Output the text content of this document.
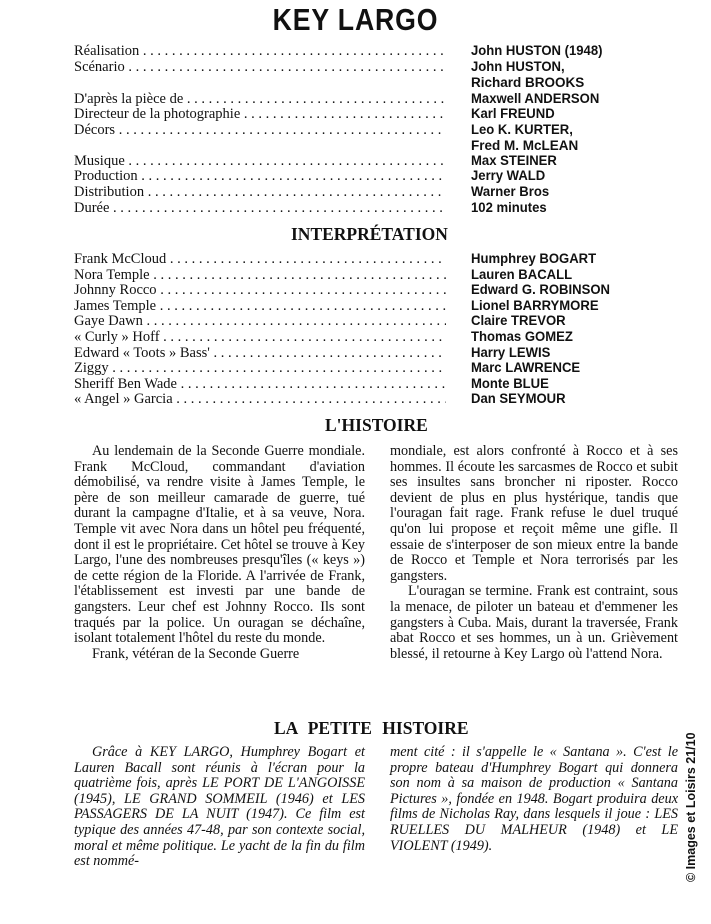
KEY LARGO
Réalisation . . .	John HUSTON (1948)
Scénario . . .	John HUSTON,
Richard BROOKS
D'après la pièce de . . .	Maxwell ANDERSON
Directeur de la photographie . . .	Karl FREUND
Décors . . .	Leo K. KURTER,
Fred M. McLEAN
Musique . . .	Max STEINER
Production . . .	Jerry WALD
Distribution . . .	Warner Bros
Durée . . .	102 minutes
INTERPRÉTATION
Frank McCloud . . .	Humphrey BOGART
Nora Temple . . .	Lauren BACALL
Johnny Rocco . . .	Edward G. ROBINSON
James Temple . . .	Lionel BARRYMORE
Gaye Dawn . . .	Claire TREVOR
« Curly » Hoff . . .	Thomas GOMEZ
Edward « Toots » Bass' . . .	Harry LEWIS
Ziggy . . .	Marc LAWRENCE
Sheriff Ben Wade . . .	Monte BLUE
« Angel » Garcia . . .	Dan SEYMOUR
L'HISTOIRE

Au lendemain de la Seconde Guerre mondiale. Frank McCloud, commandant d'aviation démobilisé, va rendre visite à James Temple, le père de son meilleur camarade de guerre, tué durant la campagne d'Italie, et à sa veuve, Nora. Temple vit avec Nora dans un hôtel peu fréquenté, dont il est le propriétaire. Cet hôtel se trouve à Key Largo, l'une des nombreuses presqu'îles (« keys ») de cette région de la Floride. A l'arrivée de Frank, l'établissement est investi par une bande de gangsters. Leur chef est Johnny Rocco. Ils sont traqués par la police. Un ouragan se déchaîne, isolant totalement l'hôtel du reste du monde.

Frank, vétéran de la Seconde Guerre

mondiale, est alors confronté à Rocco et à ses hommes. Il écoute les sarcasmes de Rocco et subit ses insultes sans broncher ni riposter. Rocco devient de plus en plus hystérique, tandis que l'ouragan fait rage. Frank refuse le duel truqué qu'on lui propose et reçoit même une gifle. Il essaie de s'interposer de son mieux entre la bande de Rocco et Temple et Nora terrorisés par les gangsters.

L'ouragan se termine. Frank est contraint, sous la menace, de piloter un bateau et d'emmener les gangsters à Cuba. Mais, durant la traversée, Frank abat Rocco et ses hommes, un à un. Grièvement blessé, il retourne à Key Largo où l'attend Nora.

LA PETITE HISTOIRE

Grâce à KEY LARGO, Humphrey Bogart et Lauren Bacall sont réunis à l'écran pour la quatrième fois, après LE PORT DE L'ANGOISSE (1945), LE GRAND SOMMEIL (1946) et LES PASSAGERS DE LA NUIT (1947). Ce film est typique des années 47-48, par son contexte social, moral et même politique. Le yacht de la fin du film est nommé-

ment cité : il s'appelle le « Santana ». C'est le propre bateau d'Humphrey Bogart qui donnera son nom à sa maison de production « Santana Pictures », fondée en 1948. Bogart produira deux films de Nicholas Ray, dans lesquels il joue : LES RUELLES DU MALHEUR (1948) et LE VIOLENT (1949).	© Images et Loisirs 21/10
